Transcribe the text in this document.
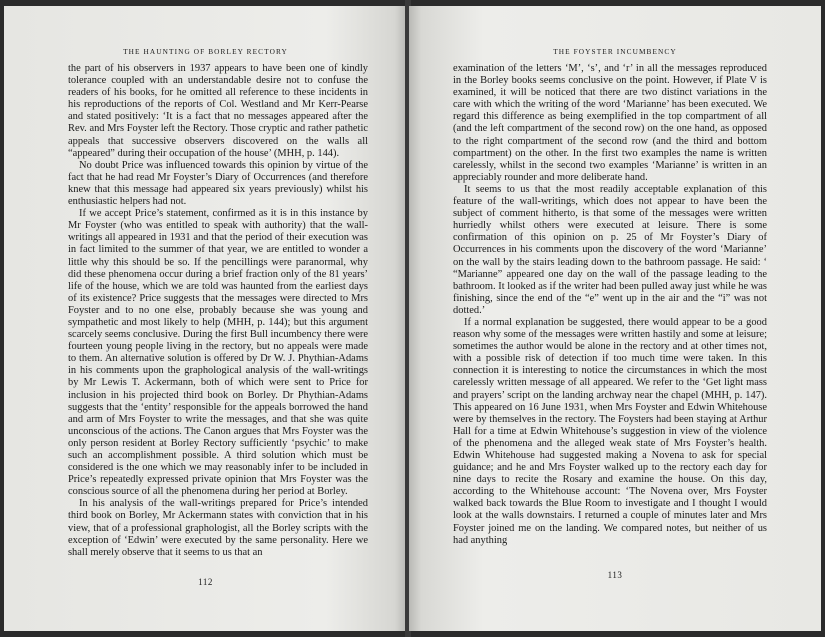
THE HAUNTING OF BORLEY RECTORY

the part of his observers in 1937 appears to have been one of kindly tolerance coupled with an understandable desire not to confuse the readers of his books, for he omitted all reference to these incidents in his reproductions of the reports of Col. Westland and Mr Kerr-Pearse and stated positively: ‘It is a fact that no messages appeared after the Rev. and Mrs Foyster left the Rectory. Those cryptic and rather pathetic appeals that successive observers discovered on the walls all “appeared” during their occupation of the house’ (MHH, p. 144).

No doubt Price was influenced towards this opinion by virtue of the fact that he had read Mr Foyster’s Diary of Occurrences (and therefore knew that this message had appeared six years previously) whilst his enthusiastic helpers had not.

If we accept Price’s statement, confirmed as it is in this instance by Mr Foyster (who was entitled to speak with authority) that the wall-writings all appeared in 1931 and that the period of their execution was in fact limited to the summer of that year, we are entitled to wonder a little why this should be so. If the pencillings were paranormal, why did these phenomena occur during a brief fraction only of the 81 years’ life of the house, which we are told was haunted from the earliest days of its existence? Price suggests that the messages were directed to Mrs Foyster and to no one else, probably because she was young and sympathetic and most likely to help (MHH, p. 144); but this argument scarcely seems conclusive. During the first Bull incumbency there were fourteen young people living in the rectory, but no appeals were made to them. An alternative solution is offered by Dr W. J. Phythian-Adams in his comments upon the graphological analysis of the wall-writings by Mr Lewis T. Ackermann, both of which were sent to Price for inclusion in his projected third book on Borley. Dr Phythian-Adams suggests that the ‘entity’ responsible for the appeals borrowed the hand and arm of Mrs Foyster to write the messages, and that she was quite unconscious of the actions. The Canon argues that Mrs Foyster was the only person resident at Borley Rectory sufficiently ‘psychic’ to make such an accomplishment possible. A third solution which must be considered is the one which we may reasonably infer to be included in Price’s repeatedly expressed private opinion that Mrs Foyster was the conscious source of all the phenomena during her period at Borley.

In his analysis of the wall-writings prepared for Price’s intended third book on Borley, Mr Ackermann states with conviction that in his view, that of a professional graphologist, all the Borley scripts with the exception of ‘Edwin’ were executed by the same personality. Here we shall merely observe that it seems to us that an

112
THE FOYSTER INCUMBENCY

examination of the letters ‘M’, ‘s’, and ‘r’ in all the messages reproduced in the Borley books seems conclusive on the point. However, if Plate V is examined, it will be noticed that there are two distinct variations in the care with which the writing of the word ‘Marianne’ has been executed. We regard this difference as being exemplified in the top compartment of all (and the left compartment of the second row) on the one hand, as opposed to the right compartment of the second row (and the third and bottom compartment) on the other. In the first two examples the name is written carelessly, whilst in the second two examples ‘Marianne’ is written in an appreciably rounder and more deliberate hand.

It seems to us that the most readily acceptable explanation of this feature of the wall-writings, which does not appear to have been the subject of comment hitherto, is that some of the messages were written hurriedly whilst others were executed at leisure. There is some confirmation of this opinion on p. 25 of Mr Foyster’s Diary of Occurrences in his comments upon the discovery of the word ‘Marianne’ on the wall by the stairs leading down to the bathroom passage. He said: ‘ “Marianne” appeared one day on the wall of the passage leading to the bathroom. It looked as if the writer had been pulled away just while he was finishing, since the end of the “e” went up in the air and the “i” was not dotted.’

If a normal explanation be suggested, there would appear to be a good reason why some of the messages were written hastily and some at leisure; sometimes the author would be alone in the rectory and at other times not, with a possible risk of detection if too much time were taken. In this connection it is interesting to notice the circumstances in which the most carelessly written message of all appeared. We refer to the ‘Get light mass and prayers’ script on the landing archway near the chapel (MHH, p. 147). This appeared on 16 June 1931, when Mrs Foyster and Edwin Whitehouse were by themselves in the rectory. The Foysters had been staying at Arthur Hall for a time at Edwin Whitehouse’s suggestion in view of the violence of the phenomena and the alleged weak state of Mrs Foyster’s health. Edwin Whitehouse had suggested making a Novena to ask for special guidance; and he and Mrs Foyster walked up to the rectory each day for nine days to recite the Rosary and examine the house. On this day, according to the Whitehouse account: ‘The Novena over, Mrs Foyster walked back towards the Blue Room to investigate and I thought I would look at the walls downstairs. I returned a couple of minutes later and Mrs Foyster joined me on the landing. We compared notes, but neither of us had anything

113
